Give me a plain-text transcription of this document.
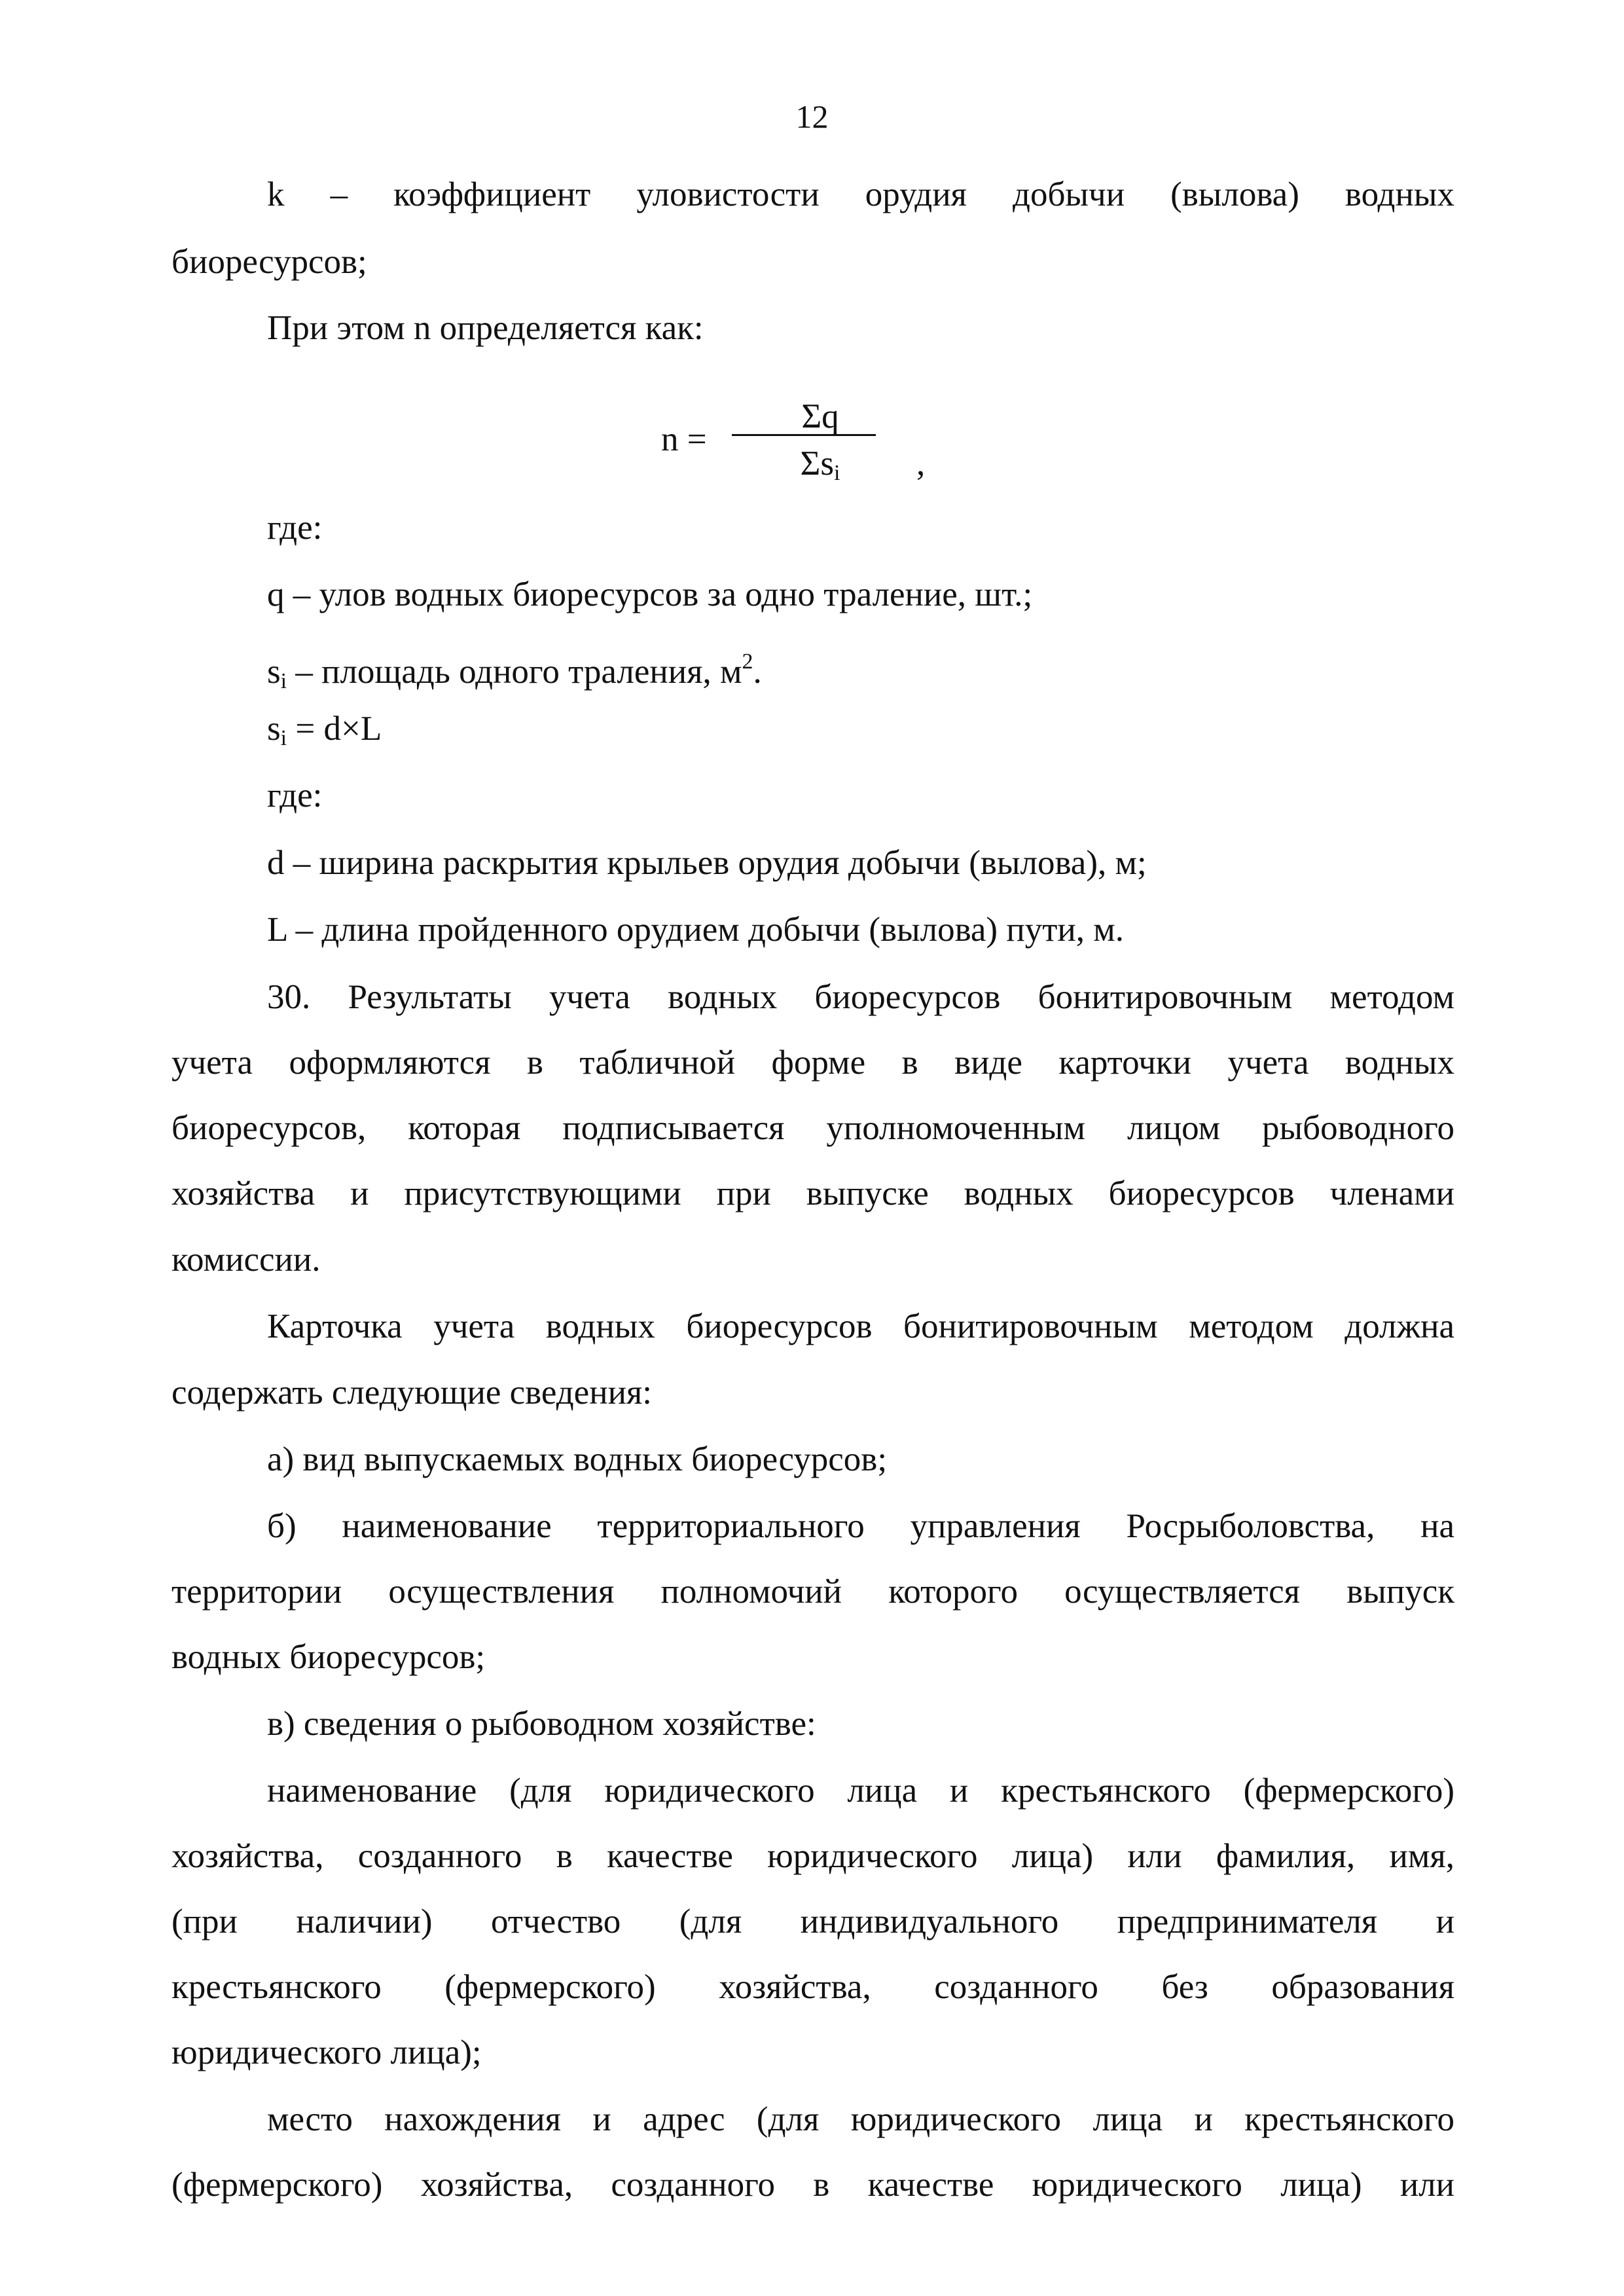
12
k – коэффициент уловистости орудия добычи (вылова) водных
биоресурсов;
При этом n определяется как:
n =
Σq
$\Sigma s_i$	,
где:
q – улов водных биоресурсов за одно траление, шт.;
$s_i$ – площадь одного траления, $м^2$.
$s_i = d\times L$
где:
d – ширина раскрытия крыльев орудия добычи (вылова), м;
L – длина пройденного орудием добычи (вылова) пути, м.
30. Результаты учета водных биоресурсов бонитировочным методом
учета оформляются в табличной форме в виде карточки учета водных
биоресурсов, которая подписывается уполномоченным лицом рыбоводного
хозяйства и присутствующими при выпуске водных биоресурсов членами
комиссии.
Карточка учета водных биоресурсов бонитировочным методом должна
содержать следующие сведения:
а) вид выпускаемых водных биоресурсов;
б) наименование территориального управления Росрыболовства, на
территории осуществления полномочий которого осуществляется выпуск
водных биоресурсов;
в) сведения о рыбоводном хозяйстве:
наименование (для юридического лица и крестьянского (фермерского)
хозяйства, созданного в качестве юридического лица) или фамилия, имя,
(при наличии) отчество (для индивидуального предпринимателя и
крестьянского (фермерского) хозяйства, созданного без образования
юридического лица);
место нахождения и адрес (для юридического лица и крестьянского
(фермерского) хозяйства, созданного в качестве юридического лица) или
